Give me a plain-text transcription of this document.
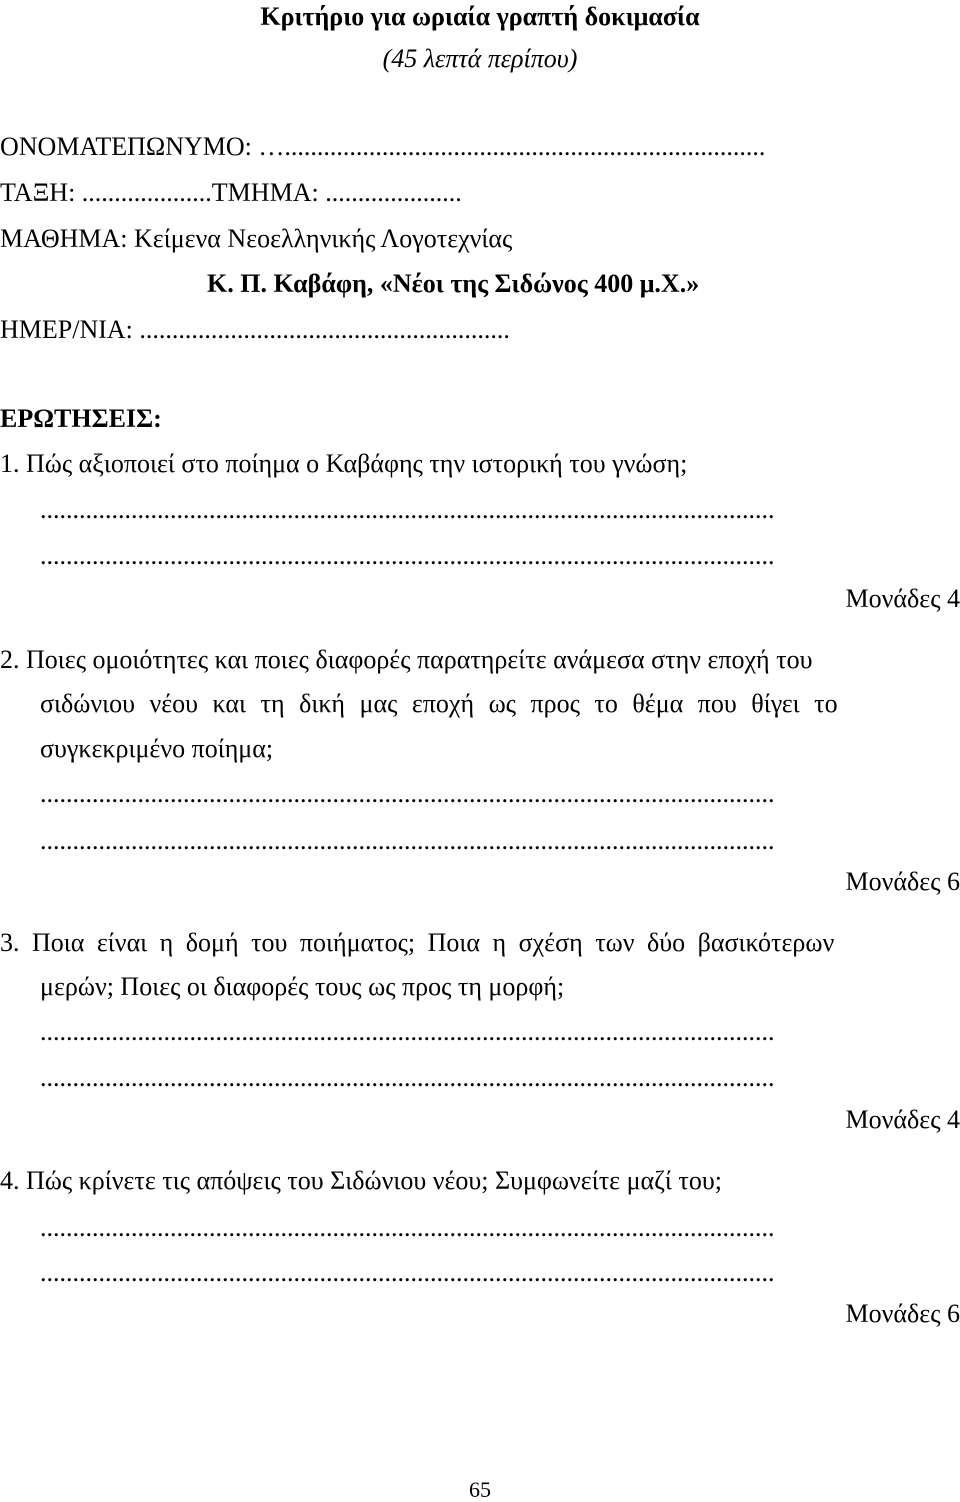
Κριτήριο για ωριαία γραπτή δοκιμασία
(45 λεπτά περίπου)
ΟΝΟΜΑΤΕΠΩΝΥΜΟ: …..........................................................................
ΤΑΞΗ: ....................ΤΜΗΜΑ: .....................
ΜΑΘΗΜΑ: Κείμενα Νεοελληνικής Λογοτεχνίας
Κ. Π. Καβάφη, «Νέοι της Σιδώνος 400 μ.Χ.»
ΗΜΕΡ/ΝΙΑ: .........................................................
ΕΡΩΤΗΣΕΙΣ:
1. Πώς αξιοποιεί στο ποίημα ο Καβάφης την ιστορική του γνώση;
.................................................................................................................
.................................................................................................................
Μονάδες 4
2. Ποιες ομοιότητες και ποιες διαφορές παρατηρείτε ανάμεσα στην εποχή του
σιδώνιου νέου και τη δική μας εποχή ως προς το θέμα που θίγει το
συγκεκριμένο ποίημα;
.................................................................................................................
.................................................................................................................
Μονάδες 6
3. Ποια είναι η δομή του ποιήματος; Ποια η σχέση των δύο βασικότερων
μερών; Ποιες οι διαφορές τους ως προς τη μορφή;
.................................................................................................................
.................................................................................................................
Μονάδες 4
4. Πώς κρίνετε τις απόψεις του Σιδώνιου νέου; Συμφωνείτε μαζί του;
.................................................................................................................
.................................................................................................................
Μονάδες 6
65
